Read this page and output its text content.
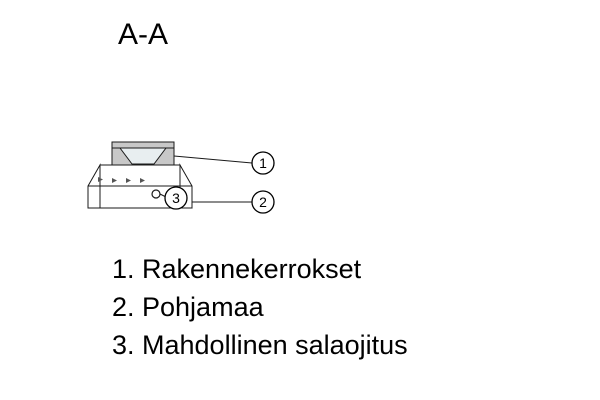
A-A
1
2
3
1. Rakennekerrokset
2. Pohjamaa
3. Mahdollinen salaojitus
